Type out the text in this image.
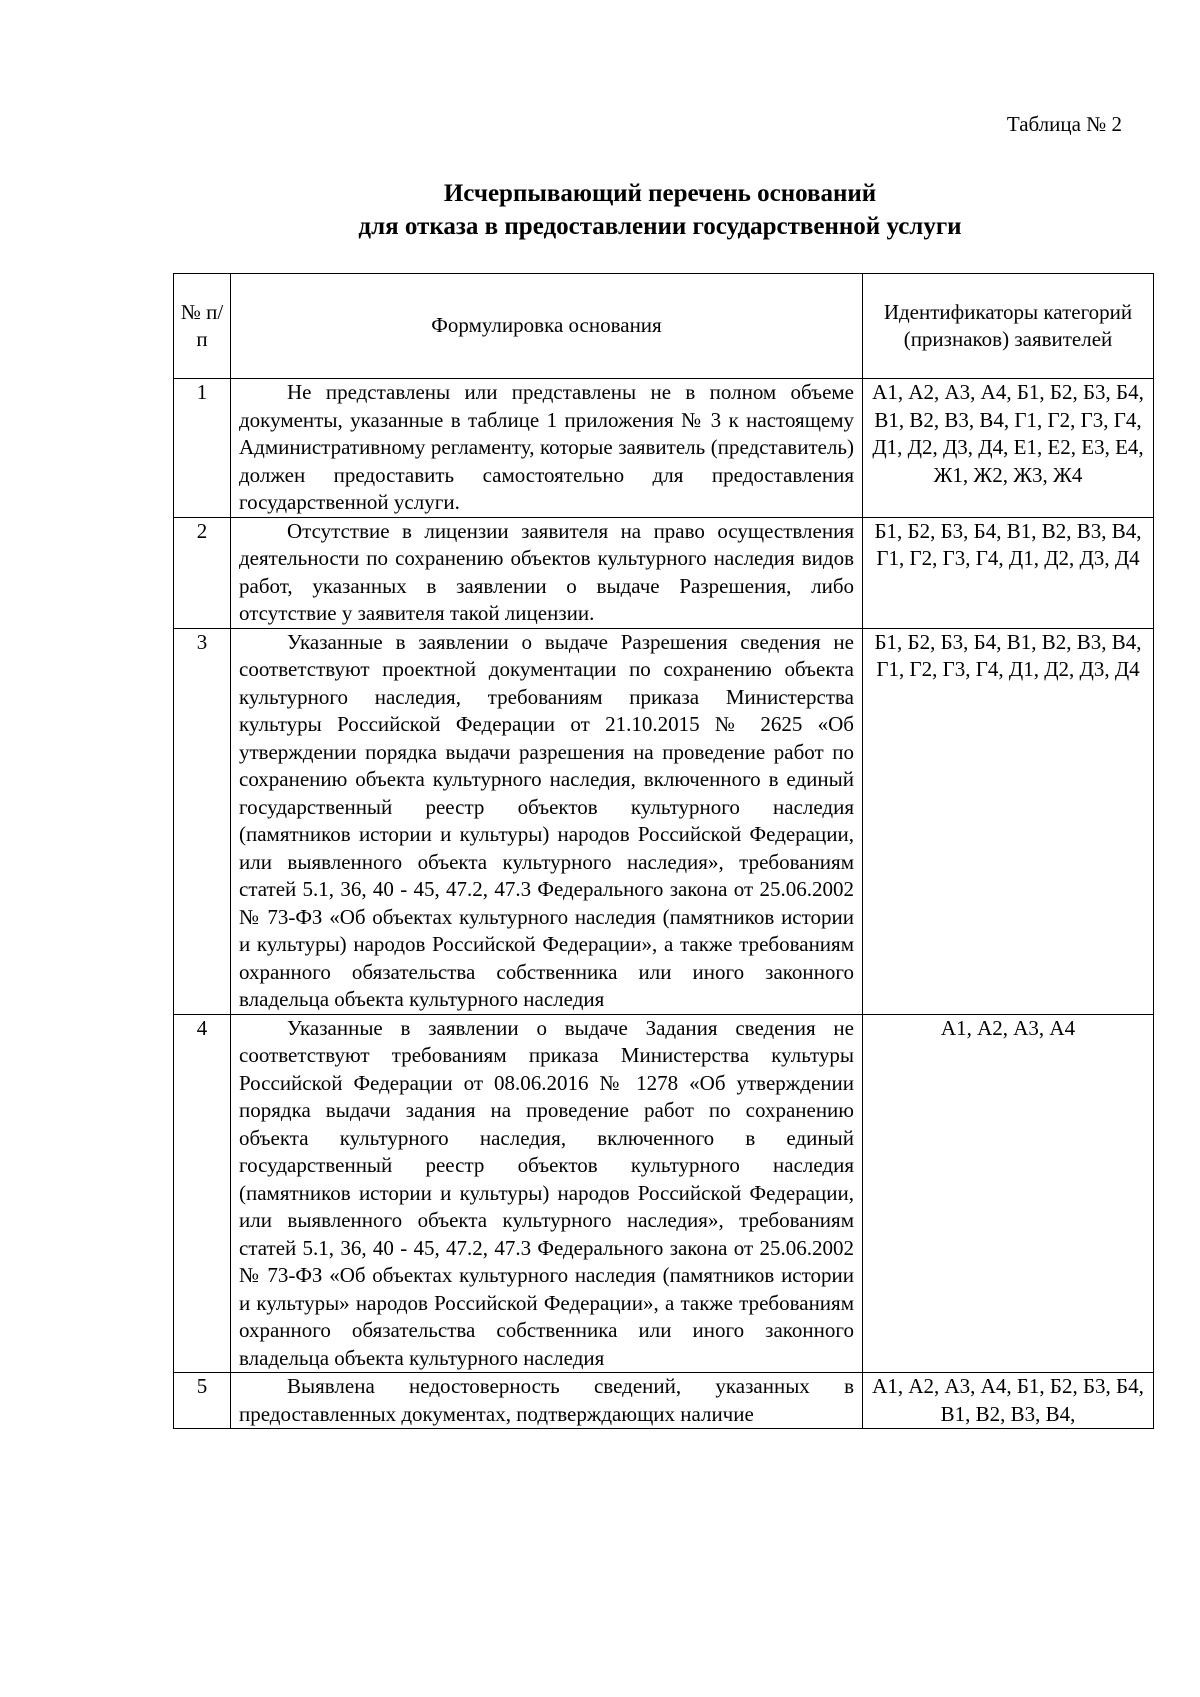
Таблица № 2
Исчерпывающий перечень оснований
для отказа в предоставлении государственной услуги
№ п/п	Формулировка основания	Идентификаторы категорий (признаков) заявителей
1	Не представлены или представлены не в полном объеме документы, указанные в таблице 1 приложения № 3 к настоящему Административному регламенту, которые заявитель (представитель) должен предоставить самостоятельно для предоставления государственной услуги.	А1, А2, А3, А4, Б1, Б2, Б3, Б4, В1, В2, В3, В4, Г1, Г2, Г3, Г4, Д1, Д2, Д3, Д4, Е1, Е2, Е3, Е4, Ж1, Ж2, Ж3, Ж4
2	Отсутствие в лицензии заявителя на право осуществления деятельности по сохранению объектов культурного наследия видов работ, указанных в заявлении о выдаче Разрешения, либо отсутствие у заявителя такой лицензии.	Б1, Б2, Б3, Б4, В1, В2, В3, В4, Г1, Г2, Г3, Г4, Д1, Д2, Д3, Д4
3	Указанные в заявлении о выдаче Разрешения сведения не соответствуют проектной документации по сохранению объекта культурного наследия, требованиям приказа Министерства культуры Российской Федерации от 21.10.2015 № 2625 «Об утверждении порядка выдачи разрешения на проведение работ по сохранению объекта культурного наследия, включенного в единый государственный реестр объектов культурного наследия (памятников истории и культуры) народов Российской Федерации, или выявленного объекта культурного наследия», требованиям статей 5.1, 36, 40 - 45, 47.2, 47.3 Федерального закона от 25.06.2002 № 73-ФЗ «Об объектах культурного наследия (памятников истории и культуры) народов Российской Федерации», а также требованиям охранного обязательства собственника или иного законного владельца объекта культурного наследия	Б1, Б2, Б3, Б4, В1, В2, В3, В4, Г1, Г2, Г3, Г4, Д1, Д2, Д3, Д4
4	Указанные в заявлении о выдаче Задания сведения не соответствуют требованиям приказа Министерства культуры Российской Федерации от 08.06.2016 № 1278 «Об утверждении порядка выдачи задания на проведение работ по сохранению объекта культурного наследия, включенного в единый государственный реестр объектов культурного наследия (памятников истории и культуры) народов Российской Федерации, или выявленного объекта культурного наследия», требованиям статей 5.1, 36, 40 - 45, 47.2, 47.3 Федерального закона от 25.06.2002 № 73-ФЗ «Об объектах культурного наследия (памятников истории и культуры» народов Российской Федерации», а также требованиям охранного обязательства собственника или иного законного владельца объекта культурного наследия	А1, А2, А3, А4
5	Выявлена недостоверность сведений, указанных в предоставленных документах, подтверждающих наличие	А1, А2, А3, А4, Б1, Б2, Б3, Б4, В1, В2, В3, В4,
